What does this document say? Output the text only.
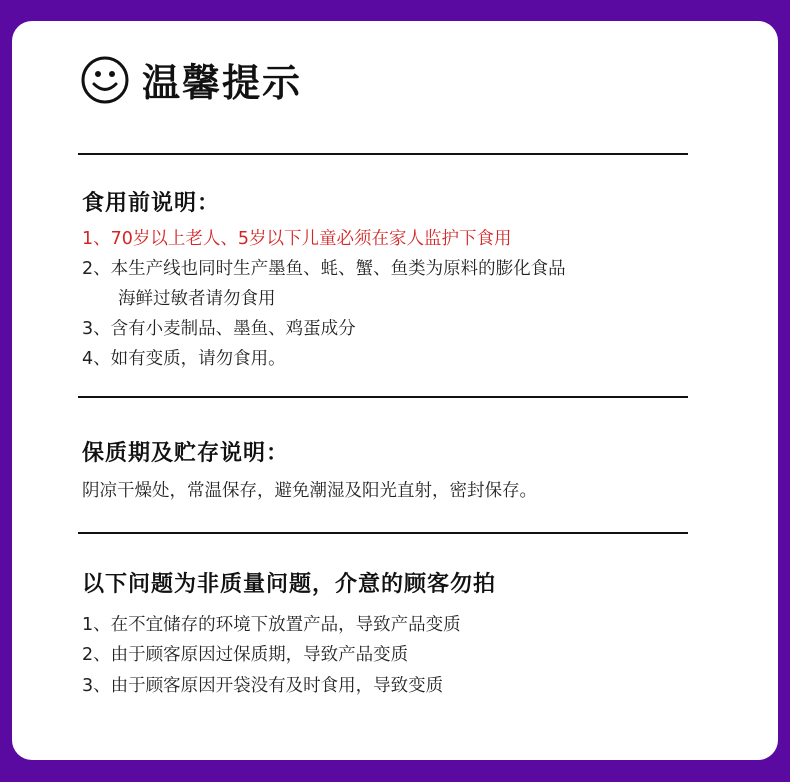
温馨提示
食用前说明：
1、70岁以上老人、5岁以下儿童必须在家人监护下食用
2、本生产线也同时生产墨鱼、蚝、蟹、鱼类为原料的膨化食品
海鲜过敏者请勿食用
3、含有小麦制品、墨鱼、鸡蛋成分
4、如有变质，请勿食用。
保质期及贮存说明：
阴凉干燥处，常温保存，避免潮湿及阳光直射，密封保存。
以下问题为非质量问题，介意的顾客勿拍
1、在不宜储存的环境下放置产品，导致产品变质
2、由于顾客原因过保质期，导致产品变质
3、由于顾客原因开袋没有及时食用，导致变质
